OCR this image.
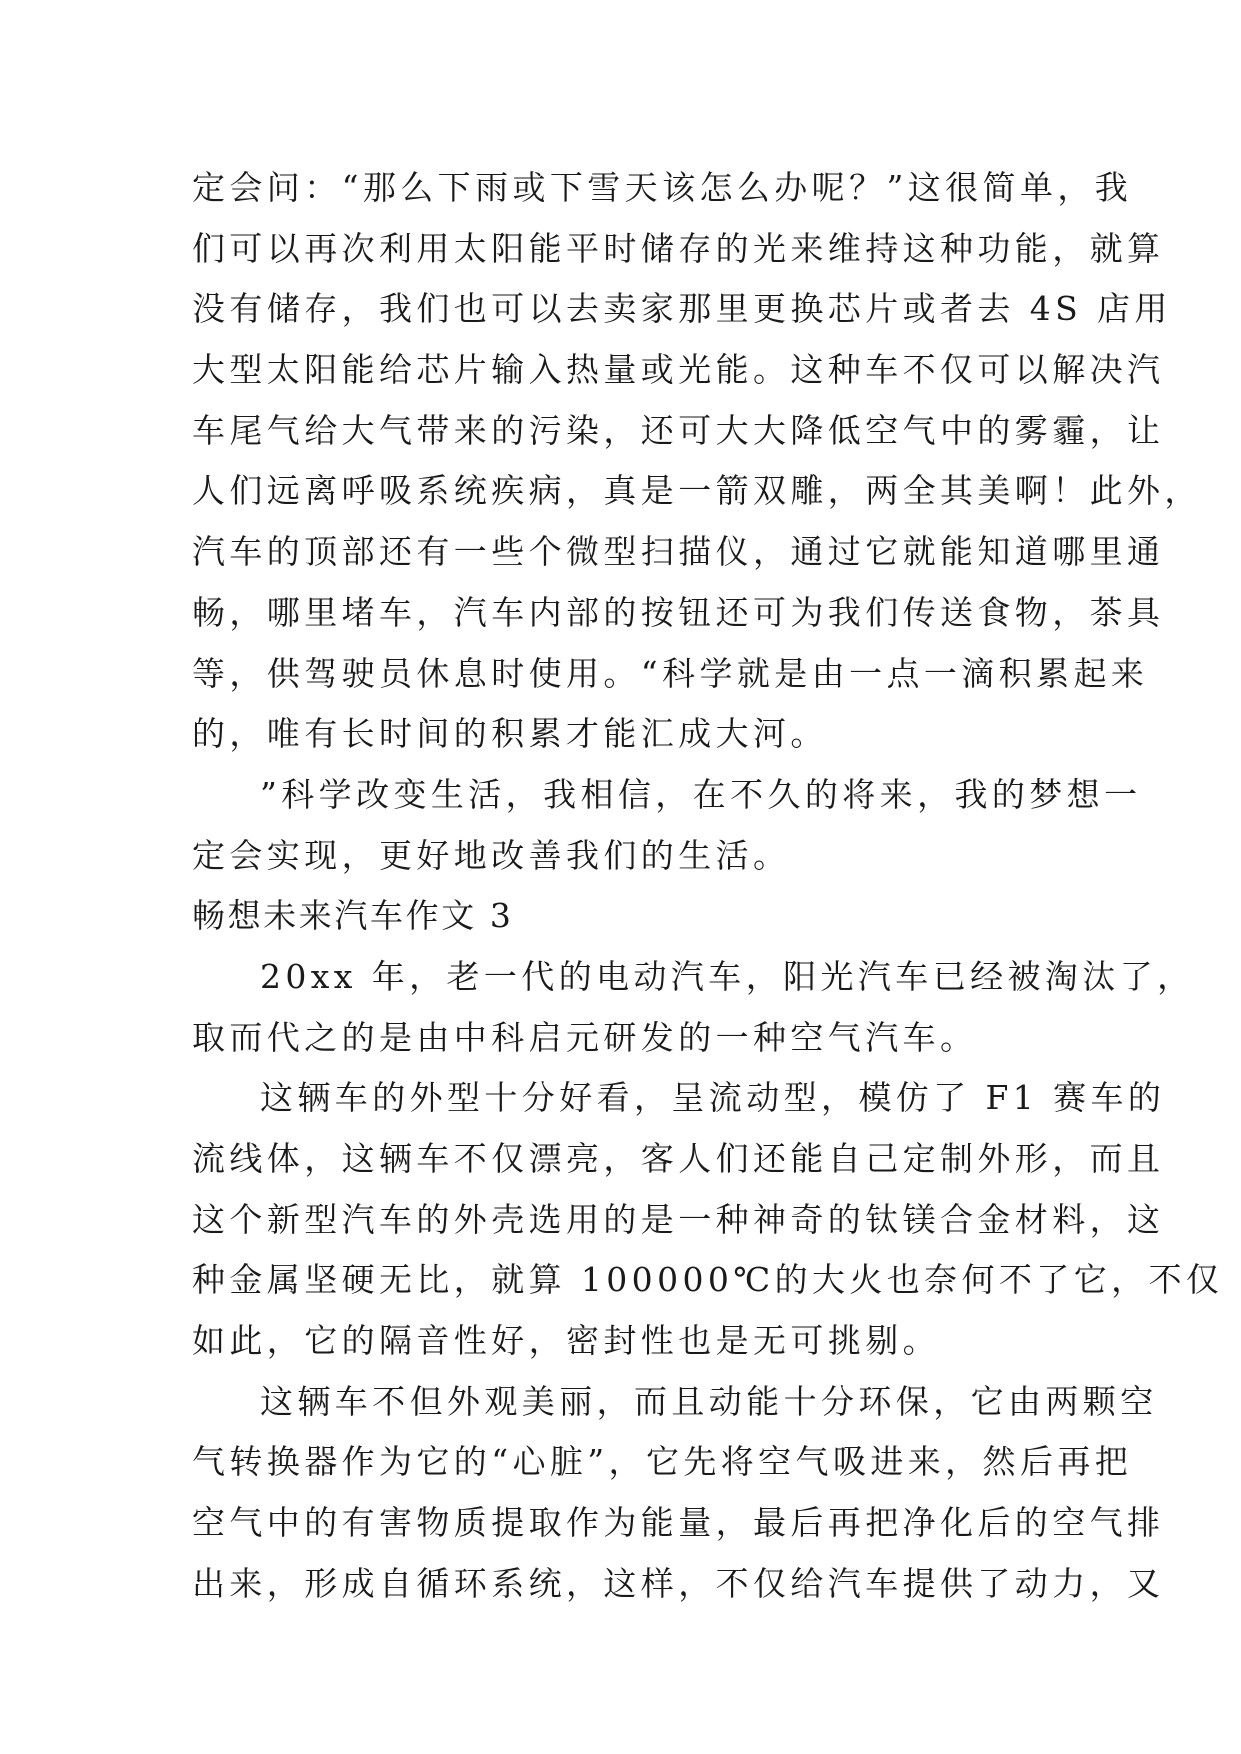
定会问：“那么下雨或下雪天该怎么办呢？”这很简单，我
们可以再次利用太阳能平时储存的光来维持这种功能，就算
没有储存，我们也可以去卖家那里更换芯片或者去 4S 店用
大型太阳能给芯片输入热量或光能。这种车不仅可以解决汽
车尾气给大气带来的污染，还可大大降低空气中的雾霾，让
人们远离呼吸系统疾病，真是一箭双雕，两全其美啊！此外，
汽车的顶部还有一些个微型扫描仪，通过它就能知道哪里通
畅，哪里堵车，汽车内部的按钮还可为我们传送食物，茶具
等，供驾驶员休息时使用。“科学就是由一点一滴积累起来
的，唯有长时间的积累才能汇成大河。
”科学改变生活，我相信，在不久的将来，我的梦想一
定会实现，更好地改善我们的生活。
畅想未来汽车作文 3
20xx 年，老一代的电动汽车，阳光汽车已经被淘汰了，
取而代之的是由中科启元研发的一种空气汽车。
这辆车的外型十分好看，呈流动型，模仿了 F1 赛车的
流线体，这辆车不仅漂亮，客人们还能自己定制外形，而且
这个新型汽车的外壳选用的是一种神奇的钛镁合金材料，这
种金属坚硬无比，就算 100000℃的大火也奈何不了它，不仅
如此，它的隔音性好，密封性也是无可挑剔。
这辆车不但外观美丽，而且动能十分环保，它由两颗空
气转换器作为它的“心脏”，它先将空气吸进来，然后再把
空气中的有害物质提取作为能量，最后再把净化后的空气排
出来，形成自循环系统，这样，不仅给汽车提供了动力，又
